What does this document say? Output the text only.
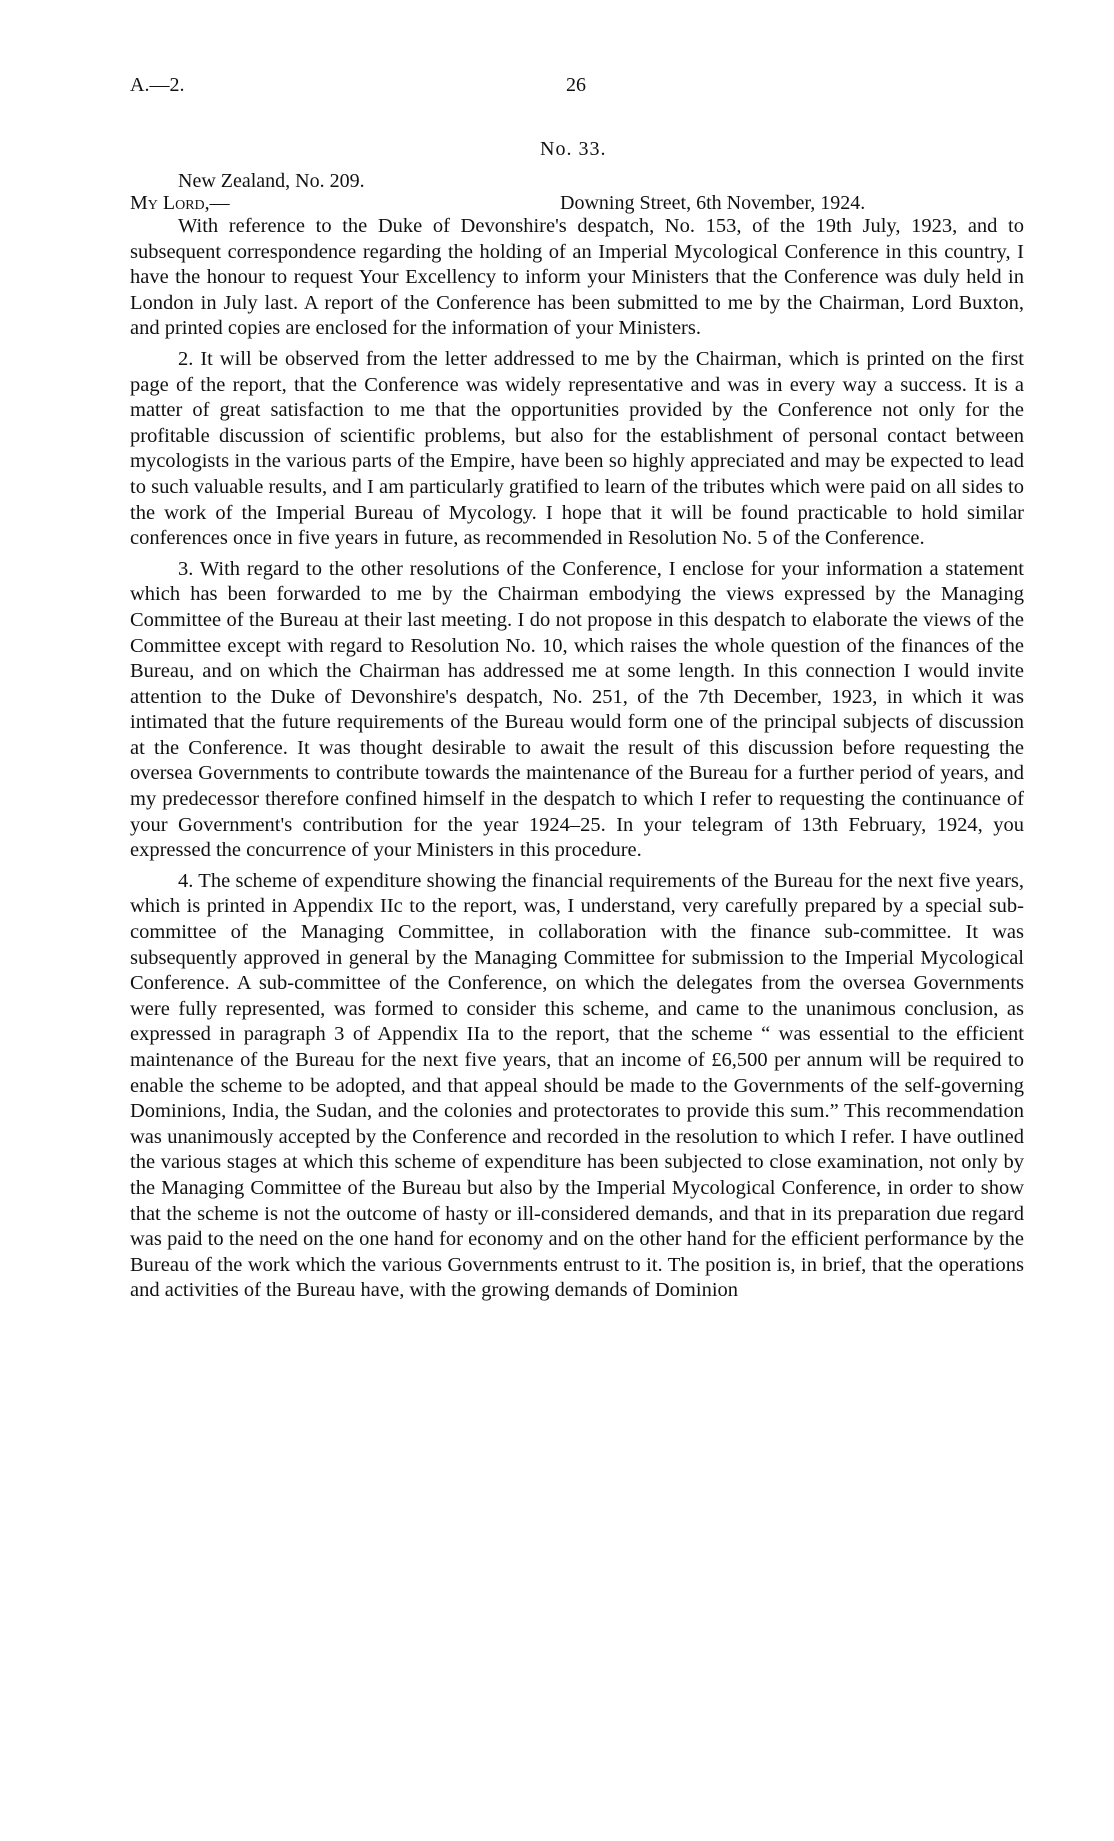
A.—2.	26
No. 33.
New Zealand, No. 209.
My Lord,—	Downing Street, 6th November, 1924.

With reference to the Duke of Devonshire's despatch, No. 153, of the 19th July, 1923, and to subsequent correspondence regarding the holding of an Imperial Mycological Conference in this country, I have the honour to request Your Excellency to inform your Ministers that the Conference was duly held in London in July last. A report of the Conference has been submitted to me by the Chairman, Lord Buxton, and printed copies are enclosed for the information of your Ministers.

2. It will be observed from the letter addressed to me by the Chairman, which is printed on the first page of the report, that the Conference was widely representative and was in every way a success. It is a matter of great satisfaction to me that the opportunities provided by the Conference not only for the profitable discussion of scientific problems, but also for the establishment of personal contact between mycologists in the various parts of the Empire, have been so highly appreciated and may be expected to lead to such valuable results, and I am particularly gratified to learn of the tributes which were paid on all sides to the work of the Imperial Bureau of Mycology. I hope that it will be found practicable to hold similar conferences once in five years in future, as recommended in Resolution No. 5 of the Conference.

3. With regard to the other resolutions of the Conference, I enclose for your information a statement which has been forwarded to me by the Chairman embodying the views expressed by the Managing Committee of the Bureau at their last meeting. I do not propose in this despatch to elaborate the views of the Committee except with regard to Resolution No. 10, which raises the whole question of the finances of the Bureau, and on which the Chairman has addressed me at some length. In this connection I would invite attention to the Duke of Devonshire's despatch, No. 251, of the 7th December, 1923, in which it was intimated that the future requirements of the Bureau would form one of the principal subjects of discussion at the Conference. It was thought desirable to await the result of this discussion before requesting the oversea Governments to contribute towards the maintenance of the Bureau for a further period of years, and my predecessor therefore confined himself in the despatch to which I refer to requesting the continuance of your Government's contribution for the year 1924–25. In your telegram of 13th February, 1924, you expressed the concurrence of your Ministers in this procedure.

4. The scheme of expenditure showing the financial requirements of the Bureau for the next five years, which is printed in Appendix IIc to the report, was, I understand, very carefully prepared by a special sub-committee of the Managing Committee, in collaboration with the finance sub-committee. It was subsequently approved in general by the Managing Committee for submission to the Imperial Mycological Conference. A sub-committee of the Conference, on which the delegates from the oversea Governments were fully represented, was formed to consider this scheme, and came to the unanimous conclusion, as expressed in paragraph 3 of Appendix IIa to the report, that the scheme “ was essential to the efficient maintenance of the Bureau for the next five years, that an income of £6,500 per annum will be required to enable the scheme to be adopted, and that appeal should be made to the Governments of the self-governing Dominions, India, the Sudan, and the colonies and protectorates to provide this sum.” This recommendation was unanimously accepted by the Conference and recorded in the resolution to which I refer. I have outlined the various stages at which this scheme of expenditure has been subjected to close examination, not only by the Managing Committee of the Bureau but also by the Imperial Mycological Conference, in order to show that the scheme is not the outcome of hasty or ill-considered demands, and that in its preparation due regard was paid to the need on the one hand for economy and on the other hand for the efficient performance by the Bureau of the work which the various Governments entrust to it. The position is, in brief, that the operations and activities of the Bureau have, with the growing demands of Dominion
